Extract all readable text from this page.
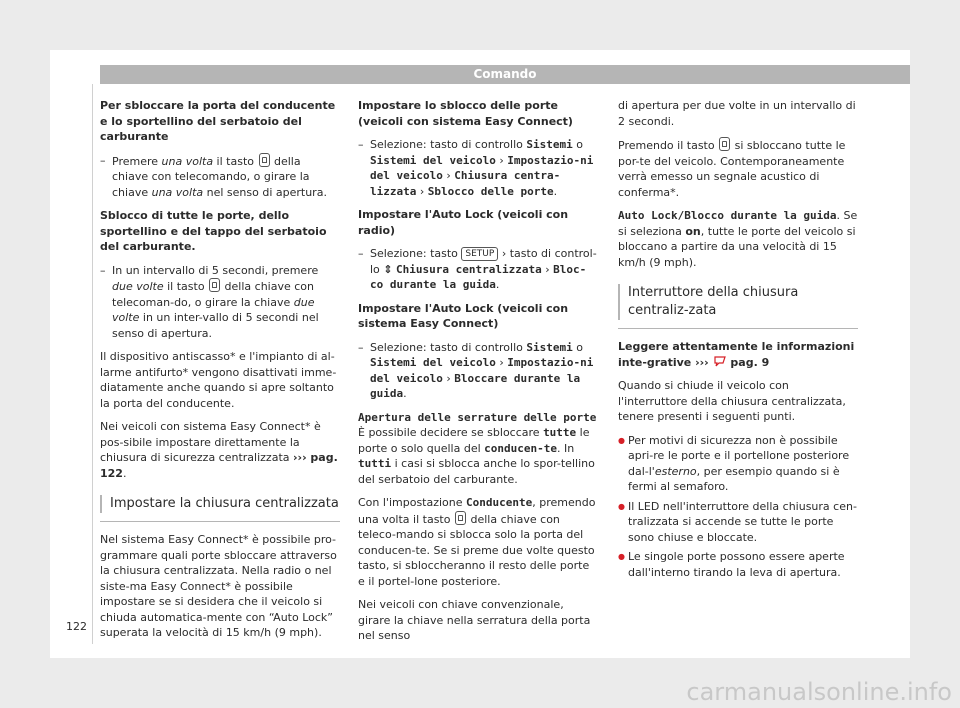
Comando

Per sbloccare la porta del conducente e lo sportellino del serbatoio del carburante

– Premere una volta il tasto  della chiave con telecomando, o girare la chiave una volta nel senso di apertura.

Sblocco di tutte le porte, dello sportellino e del tappo del serbatoio del carburante.

– In un intervallo di 5 secondi, premere due volte il tasto  della chiave con telecoman-do, o girare la chiave due volte in un inter-vallo di 5 secondi nel senso di apertura.

Il dispositivo antiscasso* e l'impianto di al-larme antifurto* vengono disattivati imme-diatamente anche quando si apre soltanto la porta del conducente.

Nei veicoli con sistema Easy Connect* è pos-sibile impostare direttamente la chiusura di sicurezza centralizzata ››› pag. 122.

Impostare la chiusura centralizzata

Nel sistema Easy Connect* è possibile pro-grammare quali porte sbloccare attraverso la chiusura centralizzata. Nella radio o nel siste-ma Easy Connect* è possibile impostare se si desidera che il veicolo si chiuda automatica-mente con “Auto Lock” superata la velocità di 15 km/h (9 mph).

Impostare lo sblocco delle porte (veicoli con sistema Easy Connect)

– Selezione: tasto di controllo Sistemi o Sistemi del veicolo › Impostazio-ni del veicolo › Chiusura centra-lizzata › Sblocco delle porte.

Impostare l'Auto Lock (veicoli con radio)

– Selezione: tasto SETUP › tasto di control-lo ⇕ Chiusura centralizzata › Bloc-co durante la guida.

Impostare l'Auto Lock (veicoli con sistema Easy Connect)

– Selezione: tasto di controllo Sistemi o Sistemi del veicolo › Impostazio-ni del veicolo › Bloccare durante la guida.

Apertura delle serrature delle porte È possibile decidere se sbloccare tutte le porte o solo quella del conducen-te. In tutti i casi si sblocca anche lo spor-tellino del serbatoio del carburante.

Con l'impostazione Conducente, premendo una volta il tasto  della chiave con teleco-mando si sblocca solo la porta del conducen-te. Se si preme due volte questo tasto, si sbloccheranno il resto delle porte e il portel-lone posteriore.

Nei veicoli con chiave convenzionale, girare la chiave nella serratura della porta nel senso

di apertura per due volte in un intervallo di 2 secondi.

Premendo il tasto  si sbloccano tutte le por-te del veicolo. Contemporaneamente verrà emesso un segnale acustico di conferma*.

Auto Lock/Blocco durante la guida. Se si seleziona on, tutte le porte del veicolo si bloccano a partire da una velocità di 15 km/h (9 mph).

Interruttore della chiusura centraliz-zata

Leggere attentamente le informazioni inte-grative ›››  pag. 9

Quando si chiude il veicolo con l'interruttore della chiusura centralizzata, tenere presenti i seguenti punti.

● Per motivi di sicurezza non è possibile apri-re le porte e il portellone posteriore dal-l'esterno, per esempio quando si è fermi al semaforo.
● Il LED nell'interruttore della chiusura cen-tralizzata si accende se tutte le porte sono chiuse e bloccate.
● Le singole porte possono essere aperte dall'interno tirando la leva di apertura.
122
carmanualsonline.info
